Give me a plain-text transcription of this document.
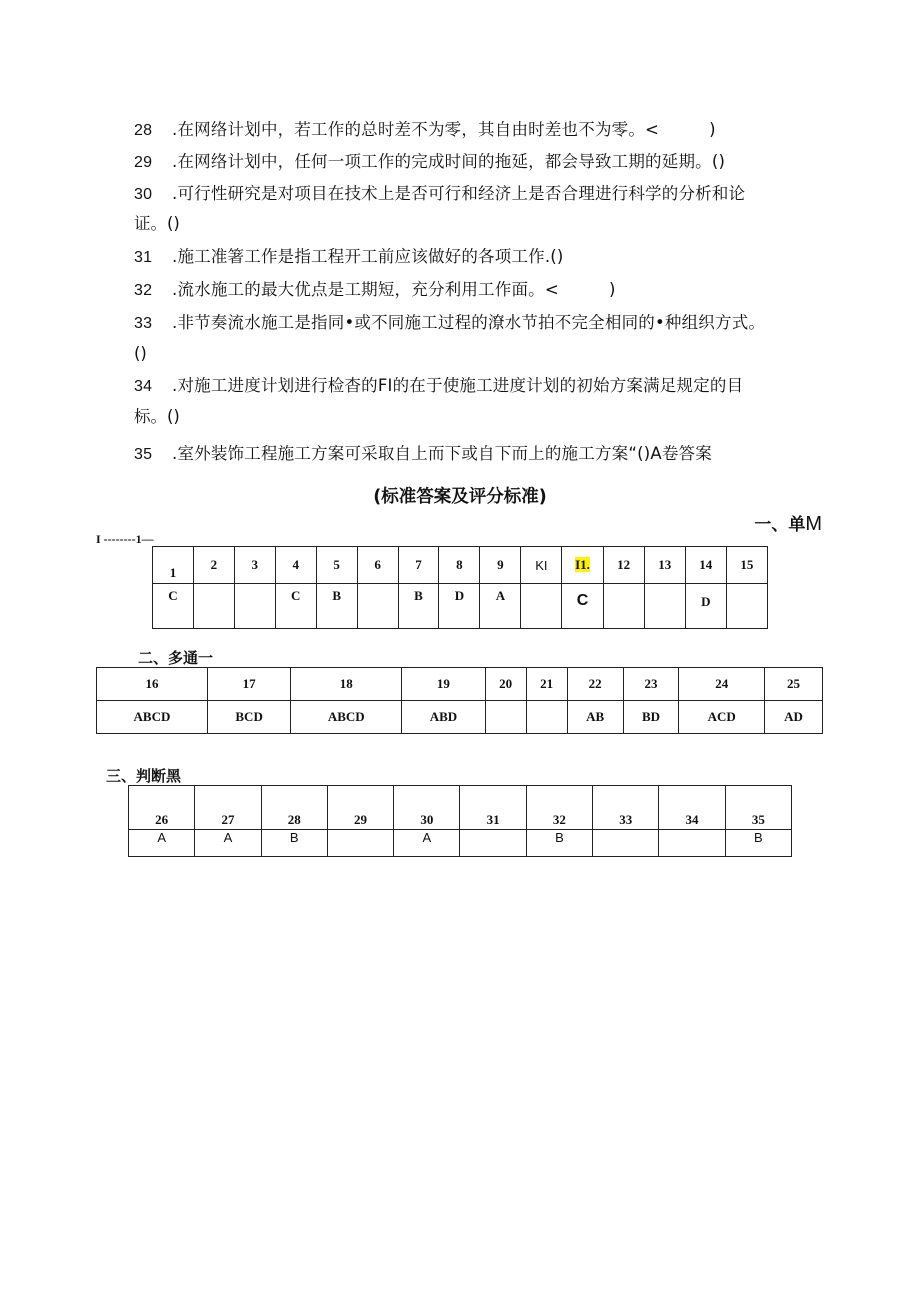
28 .在网络计划中，若工作的总时差不为零，其自由时差也不为零。<　　　)
29 .在网络计划中，任何一项工作的完成时间的拖延，都会导致工期的延期。()
30 .可行性研究是对项目在技术上是否可行和经济上是否合理进行科学的分析和论
证。()
31 .施工准箸工作是指工程开工前应该做好的各项工作.()
32 .流水施工的最大优点是工期短，充分利用工作面。<　　　)
33 .非节奏流水施工是指同•或不同施工过程的潦水节拍不完全相同的•种组织方式。
()
34 .对施工进度计划进行检杳的FI的在于使施工进度计划的初始方案满足规定的目
标。()
35 .室外装饰工程施工方案可采取自上而下或自下而上的施工方案“()A卷答案
(标准答案及评分标准)
一、单M
I --------1—
1	2	3	4	5	6	7	8	9	KI	I1.	12	13	14	15
C			C	B		B	D	A		C			D	
二、多通一
16	17	18	19	20	21	22	23	24	25
ABCD	BCD	ABCD	ABD			AB	BD	ACD	AD
三、判断黑
26	27	28	29	30	31	32	33	34	35
A	A	B		A		B			B
